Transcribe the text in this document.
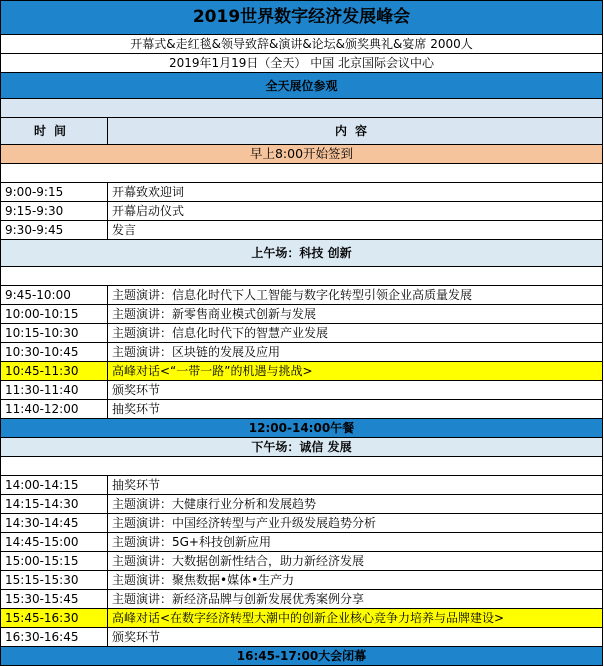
2019世界数字经济发展峰会	
开幕式&走红毯&领导致辞&演讲&论坛&颁奖典礼&宴席 2000人	
2019年1月19日（全天） 中国 北京国际会议中心	
全天展位参观	

时间	内容
早上8:00开始签到	

9:00-9:15	开幕致欢迎词
9:15-9:30	开幕启动仪式
9:30-9:45	发言
上午场：科技 创新	

9:45-10:00	主题演讲：信息化时代下人工智能与数字化转型引领企业高质量发展
10:00-10:15	主题演讲：新零售商业模式创新与发展
10:15-10:30	主题演讲：信息化时代下的智慧产业发展
10:30-10:45	主题演讲：区块链的发展及应用
10:45-11:30	高峰对话<“一带一路”的机遇与挑战>
11:30-11:40	颁奖环节
11:40-12:00	抽奖环节
12:00-14:00午餐	
下午场：诚信 发展	

14:00-14:15	抽奖环节
14:15-14:30	主题演讲：大健康行业分析和发展趋势
14:30-14:45	主题演讲：中国经济转型与产业升级发展趋势分析
14:45-15:00	主题演讲：5G+科技创新应用
15:00-15:15	主题演讲：大数据创新性结合，助力新经济发展
15:15-15:30	主题演讲：聚焦数据•媒体•生产力
15:30-15:45	主题演讲：新经济品牌与创新发展优秀案例分享
15:45-16:30	高峰对话<在数字经济转型大潮中的创新企业核心竞争力培养与品牌建设>
16:30-16:45	颁奖环节
16:45-17:00大会闭幕	
